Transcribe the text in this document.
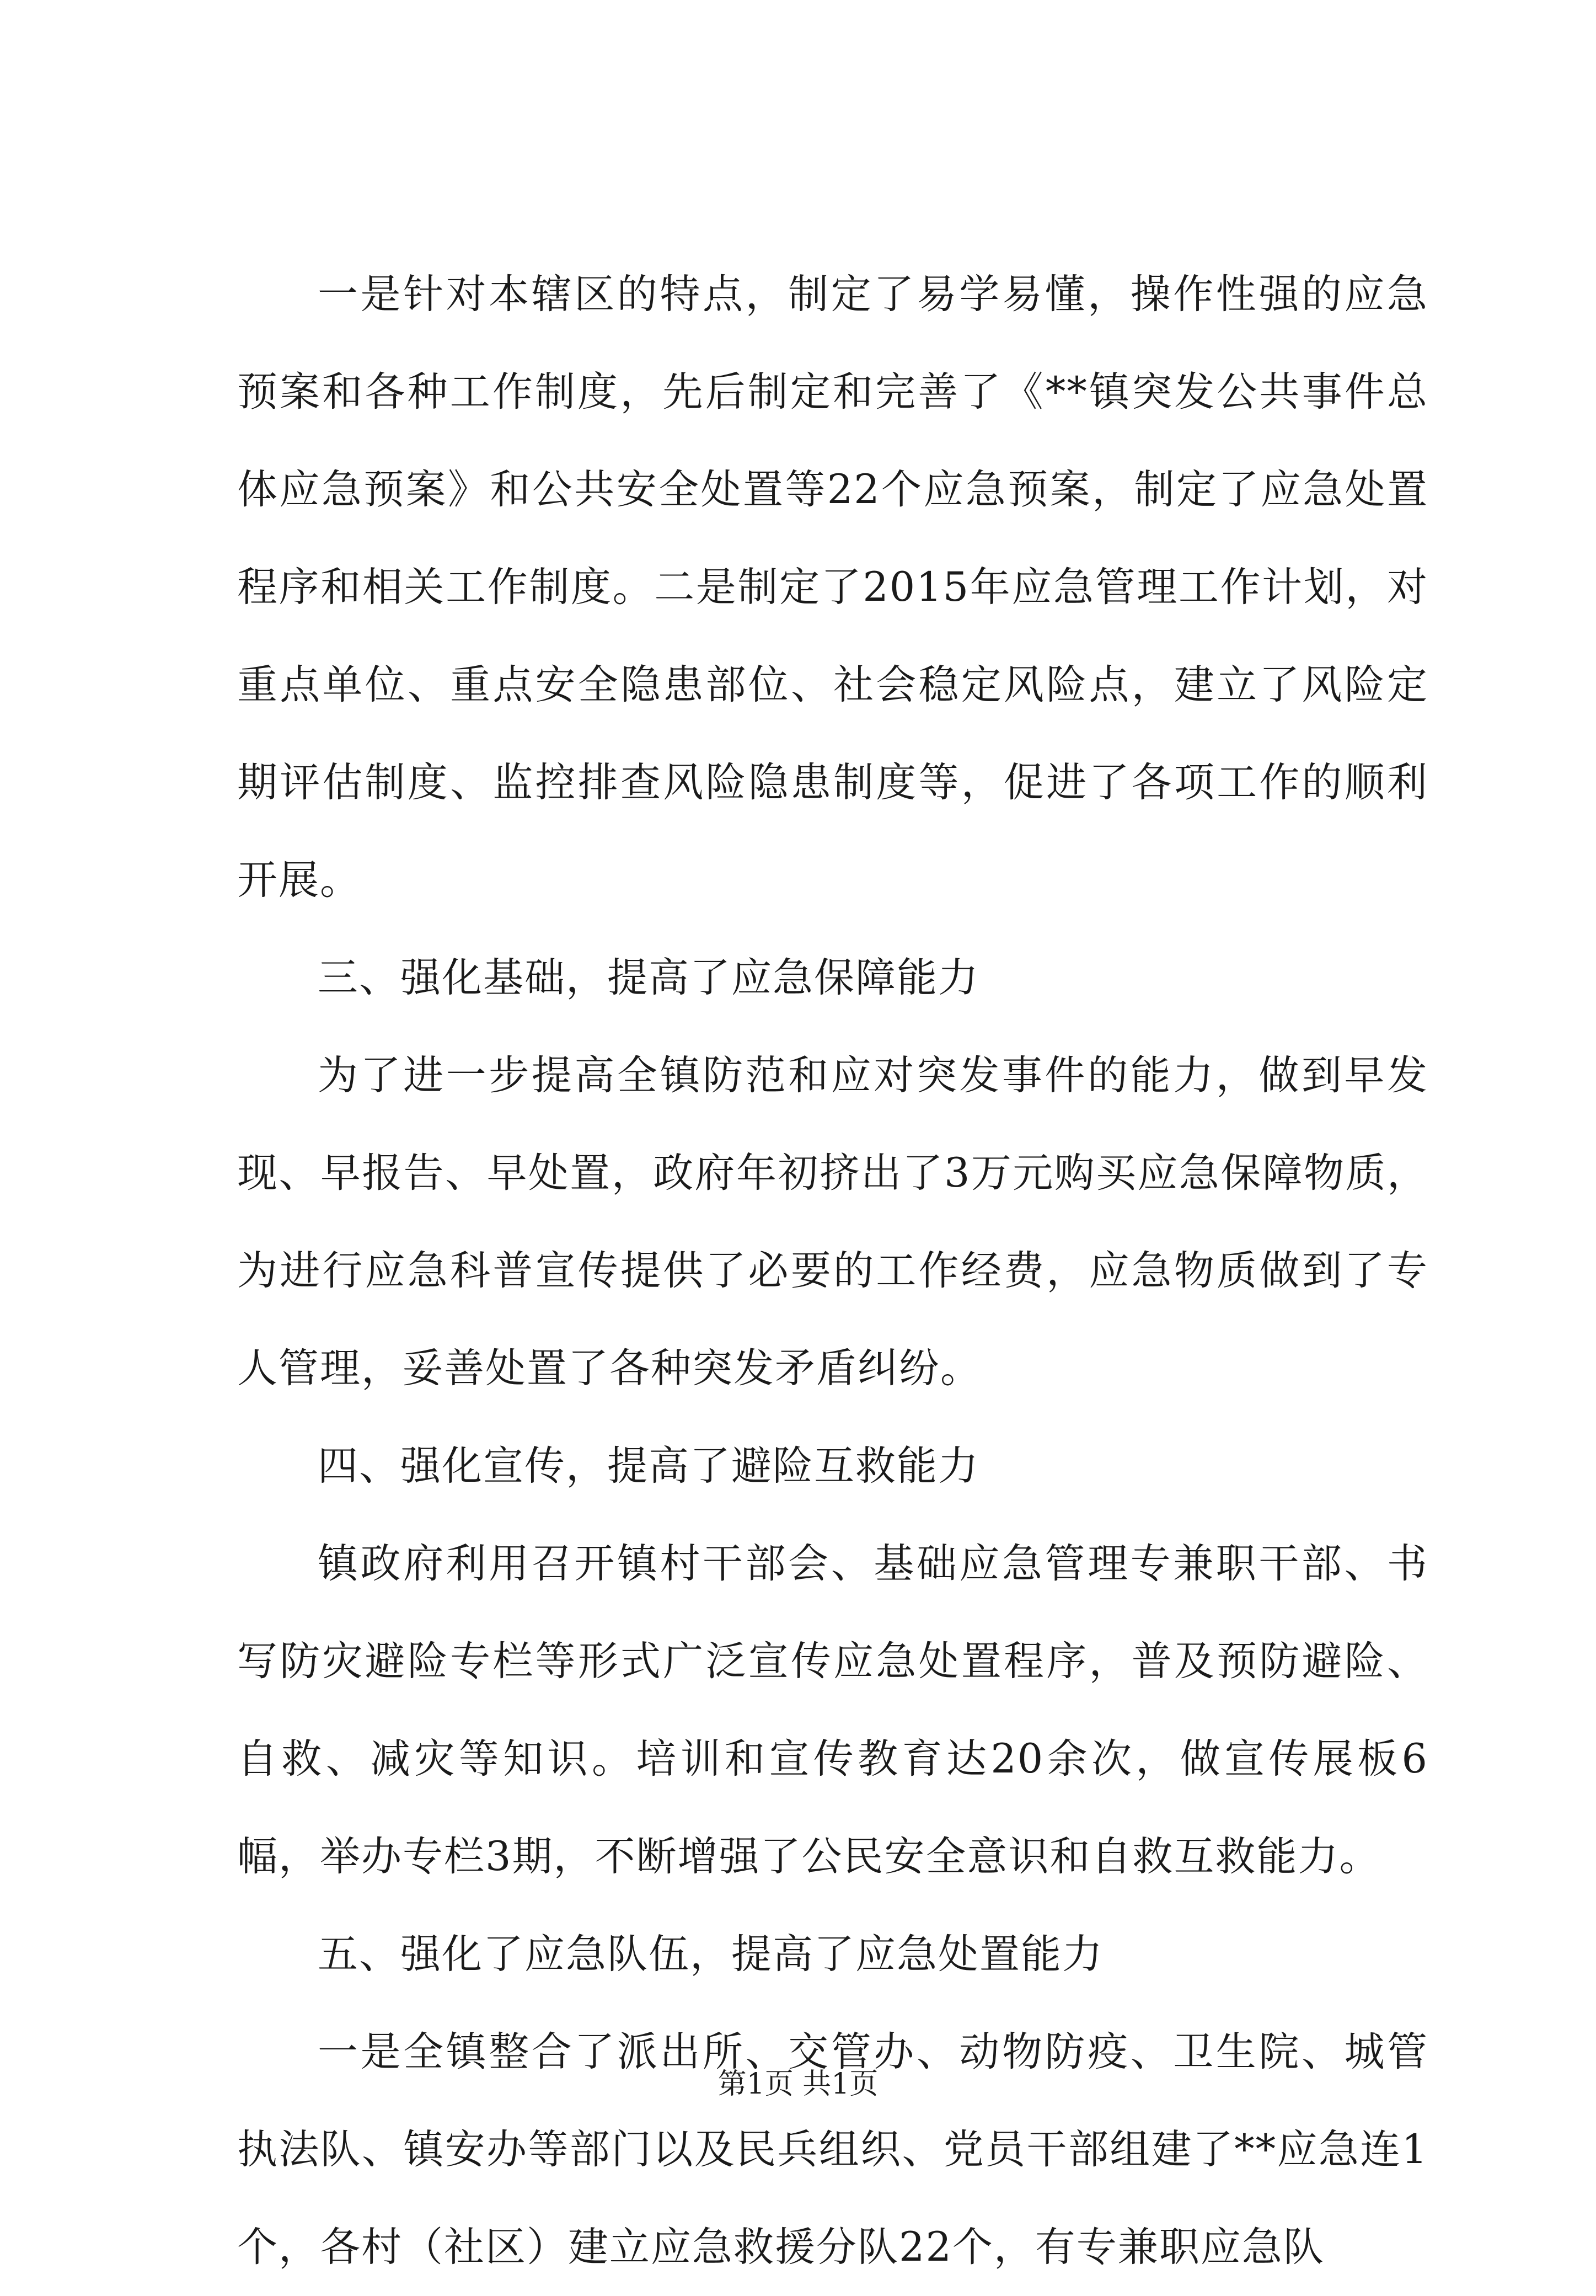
一是针对本辖区的特点，制定了易学易懂，操作性强的应急预案和各种工作制度，先后制定和完善了《**镇突发公共事件总体应急预案》和公共安全处置等22个应急预案，制定了应急处置程序和相关工作制度。二是制定了2015年应急管理工作计划，对重点单位、重点安全隐患部位、社会稳定风险点，建立了风险定期评估制度、监控排查风险隐患制度等，促进了各项工作的顺利开展。

三、强化基础，提高了应急保障能力

为了进一步提高全镇防范和应对突发事件的能力，做到早发现、早报告、早处置，政府年初挤出了3万元购买应急保障物质，为进行应急科普宣传提供了必要的工作经费，应急物质做到了专人管理，妥善处置了各种突发矛盾纠纷。

四、强化宣传，提高了避险互救能力

镇政府利用召开镇村干部会、基础应急管理专兼职干部、书写防灾避险专栏等形式广泛宣传应急处置程序，普及预防避险、自救、减灾等知识。培训和宣传教育达20余次，做宣传展板6幅，举办专栏3期，不断增强了公民安全意识和自救互救能力。

五、强化了应急队伍，提高了应急处置能力

一是全镇整合了派出所、交管办、动物防疫、卫生院、城管执法队、镇安办等部门以及民兵组织、党员干部组建了**应急连1个，各村（社区）建立应急救援分队22个，有专兼职应急队

第1页 共1页
